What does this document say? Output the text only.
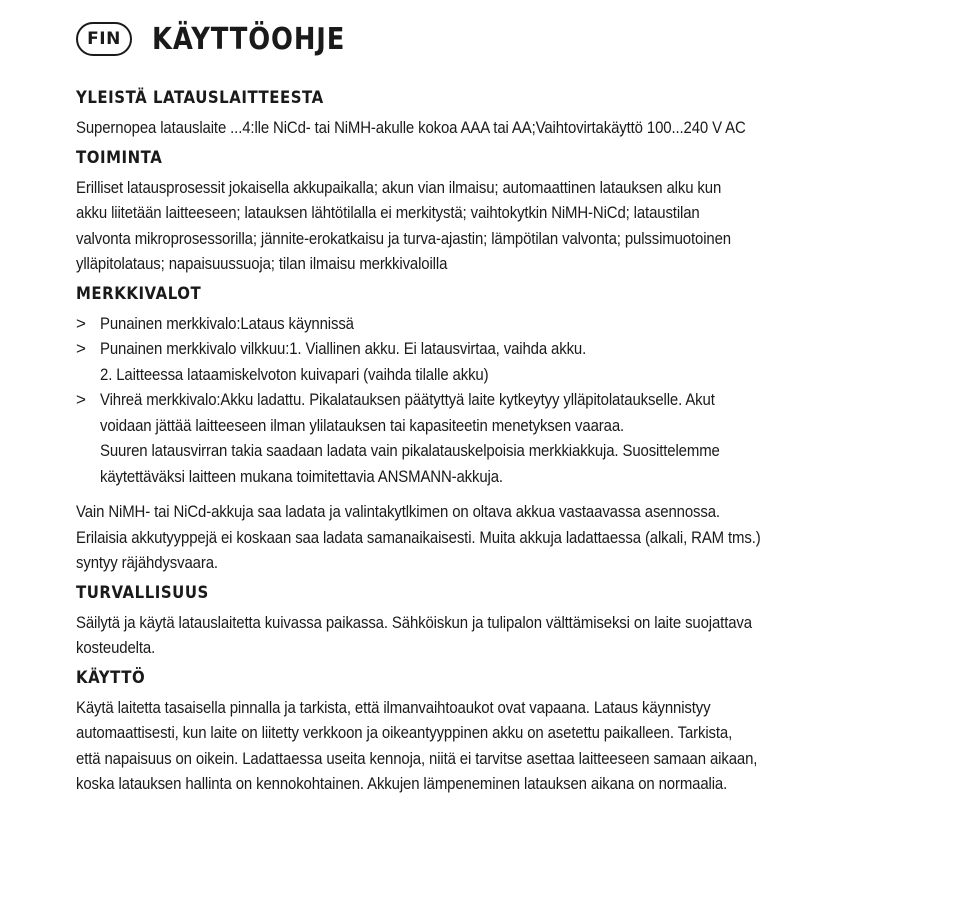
FIN	KÄYTTÖOHJE
YLEISTÄ LATAUSLAITTEESTA
Supernopea latauslaite ...4:lle NiCd- tai NiMH-akulle kokoa AAA tai AA;Vaihtovirtakäyttö 100...240 V AC
TOIMINTA
Erilliset latausprosessit jokaisella akkupaikalla; akun vian ilmaisu; automaattinen latauksen alku kun
akku liitetään laitteeseen; latauksen lähtötilalla ei merkitystä; vaihtokytkin NiMH-NiCd; lataustilan
valvonta mikroprosessorilla; jännite-erokatkaisu ja turva-ajastin; lämpötilan valvonta; pulssimuotoinen
ylläpitolataus; napaisuussuoja; tilan ilmaisu merkkivaloilla
MERKKIVALOT
> Punainen merkkivalo:Lataus käynnissä
> Punainen merkkivalo vilkkuu:1. Viallinen akku. Ei latausvirtaa, vaihda akku.
2. Laitteessa lataamiskelvoton kuivapari (vaihda tilalle akku)
> Vihreä merkkivalo:Akku ladattu. Pikalatauksen päätyttyä laite kytkeytyy ylläpitolataukselle. Akut
voidaan jättää laitteeseen ilman ylilatauksen tai kapasiteetin menetyksen vaaraa.
Suuren latausvirran takia saadaan ladata vain pikalatauskelpoisia merkkiakkuja. Suosittelemme
käytettäväksi laitteen mukana toimitettavia ANSMANN-akkuja.
Vain NiMH- tai NiCd-akkuja saa ladata ja valintakytlkimen on oltava akkua vastaavassa asennossa.
Erilaisia akkutyyppejä ei koskaan saa ladata samanaikaisesti. Muita akkuja ladattaessa (alkali, RAM tms.)
syntyy räjähdysvaara.
TURVALLISUUS
Säilytä ja käytä latauslaitetta kuivassa paikassa. Sähköiskun ja tulipalon välttämiseksi on laite suojattava
kosteudelta.
KÄYTTÖ
Käytä laitetta tasaisella pinnalla ja tarkista, että ilmanvaihtoaukot ovat vapaana. Lataus käynnistyy
automaattisesti, kun laite on liitetty verkkoon ja oikeantyyppinen akku on asetettu paikalleen. Tarkista,
että napaisuus on oikein. Ladattaessa useita kennoja, niitä ei tarvitse asettaa laitteeseen samaan aikaan,
koska latauksen hallinta on kennokohtainen. Akkujen lämpeneminen latauksen aikana on normaalia.
